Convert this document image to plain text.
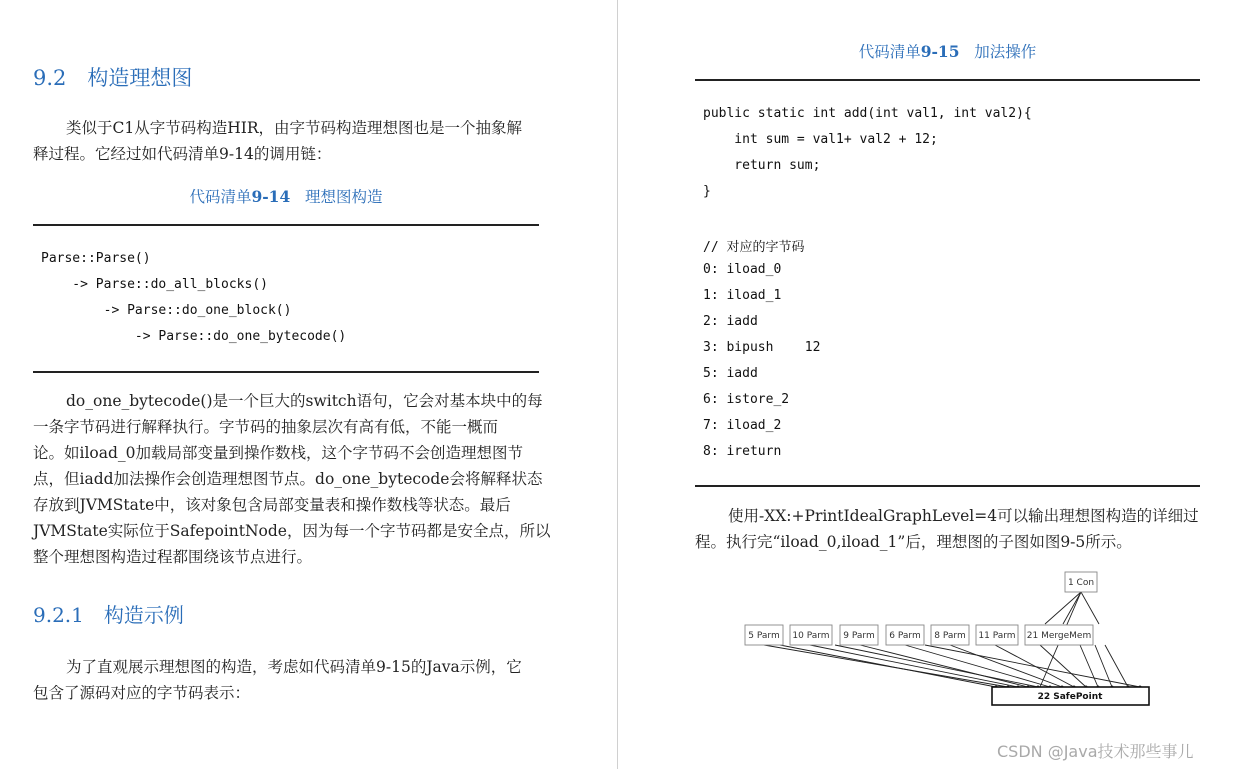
9.2　构造理想图
类似于C1从字节码构造HIR，由字节码构造理想图也是一个抽象解
释过程。它经过如代码清单9-14的调用链：
代码清单9-14 理想图构造

Parse::Parse()

-> Parse::do_all_blocks()

-> Parse::do_one_block()

-> Parse::do_one_bytecode()

do_one_bytecode()是一个巨大的switch语句，它会对基本块中的每
一条字节码进行解释执行。字节码的抽象层次有高有低，不能一概而
论。如iload_0加载局部变量到操作数栈，这个字节码不会创造理想图节
点，但iadd加法操作会创造理想图节点。do_one_bytecode会将解释状态
存放到JVMState中，该对象包含局部变量表和操作数栈等状态。最后
JVMState实际位于SafepointNode，因为每一个字节码都是安全点，所以
整个理想图构造过程都围绕该节点进行。
9.2.1　构造示例
为了直观展示理想图的构造，考虑如代码清单9-15的Java示例，它
包含了源码对应的字节码表示：
代码清单9-15 加法操作

public static int add(int val1, int val2){

int sum = val1+ val2 + 12;

return sum;

}

// 对应的字节码

0: iload_0

1: iload_1

2: iadd

3: bipush    12

5: iadd

6: istore_2

7: iload_2

8: ireturn

使用-XX:+PrintIdealGraphLevel=4可以输出理想图构造的详细过
程。执行完“iload_0,iload_1”后，理想图的子图如图9-5所示。
1 Con
5 Parm 10 Parm 9 Parm 6 Parm 8 Parm 11 Parm 21 MergeMem
22 SafePoint
CSDN @Java技术那些事儿
